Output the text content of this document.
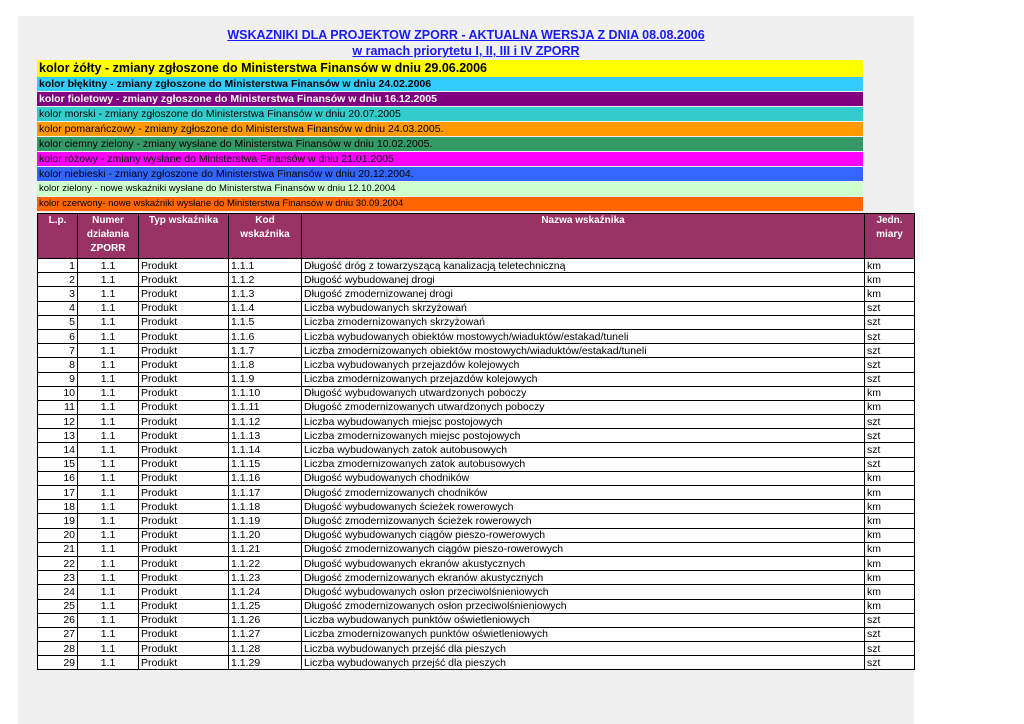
WSKAZNIKI DLA PROJEKTOW ZPORR - AKTUALNA WERSJA Z DNIA 08.08.2006
w ramach priorytetu I, II, III i IV ZPORR
kolor żółty - zmiany zgłoszone do Ministerstwa Finansów w dniu 29.06.2006
kolor błękitny - zmiany zgłoszone do Ministerstwa Finansów w dniu 24.02.2006
kolor fioletowy - zmiany zgłoszone do Ministerstwa Finansów w dniu 16.12.2005
kolor morski - zmiany zgłoszone do Ministerstwa Finansów w dniu 20.07.2005
kolor pomarańczowy - zmiany zgłoszone do Ministerstwa Finansów w dniu 24.03.2005.
kolor ciemny zielony - zmiany wysłane do Ministerstwa Finansów w dniu 10.02.2005.
kolor różowy - zmiany wysłane do Ministerstwa Finansów w dniu 21.01.2005
kolor niebieski - zmiany zgłoszone do Ministerstwa Finansów w dniu 20.12.2004.
kolor zielony - nowe wskaźniki wysłane do Ministerstwa Finansów w dniu 12.10.2004
kolor czerwony- nowe wskaźniki wysłane do Ministerstwa Finansów w dniu 30.09.2004
L.p.	Numer działania ZPORR	Typ wskaźnika	Kod wskaźnika	Nazwa wskaźnika	Jedn. miary
1	1.1	Produkt	1.1.1	Długość dróg z towarzyszącą kanalizacją teletechniczną	km
2	1.1	Produkt	1.1.2	Długość wybudowanej drogi	km
3	1.1	Produkt	1.1.3	Długość zmodernizowanej drogi	km
4	1.1	Produkt	1.1.4	Liczba wybudowanych skrzyżowań	szt
5	1.1	Produkt	1.1.5	Liczba zmodernizowanych skrzyżowań	szt
6	1.1	Produkt	1.1.6	Liczba wybudowanych obiektów mostowych/wiaduktów/estakad/tuneli	szt
7	1.1	Produkt	1.1.7	Liczba zmodernizowanych obiektów mostowych/wiaduktów/estakad/tuneli	szt
8	1.1	Produkt	1.1.8	Liczba wybudowanych przejazdów kolejowych	szt
9	1.1	Produkt	1.1.9	Liczba zmodernizowanych przejazdów kolejowych	szt
10	1.1	Produkt	1.1.10	Długość wybudowanych utwardzonych poboczy	km
11	1.1	Produkt	1.1.11	Długość zmodernizowanych utwardzonych poboczy	km
12	1.1	Produkt	1.1.12	Liczba wybudowanych miejsc postojowych	szt
13	1.1	Produkt	1.1.13	Liczba zmodernizowanych miejsc postojowych	szt
14	1.1	Produkt	1.1.14	Liczba wybudowanych zatok autobusowych	szt
15	1.1	Produkt	1.1.15	Liczba zmodernizowanych zatok autobusowych	szt
16	1.1	Produkt	1.1.16	Długość wybudowanych chodników	km
17	1.1	Produkt	1.1.17	Długość zmodernizowanych chodników	km
18	1.1	Produkt	1.1.18	Długość wybudowanych ścieżek rowerowych	km
19	1.1	Produkt	1.1.19	Długość zmodernizowanych ścieżek rowerowych	km
20	1.1	Produkt	1.1.20	Długość wybudowanych ciągów pieszo-rowerowych	km
21	1.1	Produkt	1.1.21	Długość zmodernizowanych ciągów pieszo-rowerowych	km
22	1.1	Produkt	1.1.22	Długość wybudowanych ekranów akustycznych	km
23	1.1	Produkt	1.1.23	Długość zmodernizowanych ekranów akustycznych	km
24	1.1	Produkt	1.1.24	Długość wybudowanych osłon przeciwolśnieniowych	km
25	1.1	Produkt	1.1.25	Długość zmodernizowanych osłon przeciwolśnieniowych	km
26	1.1	Produkt	1.1.26	Liczba wybudowanych punktów oświetleniowych	szt
27	1.1	Produkt	1.1.27	Liczba zmodernizowanych punktów oświetleniowych	szt
28	1.1	Produkt	1.1.28	Liczba wybudowanych przejść dla pieszych	szt
29	1.1	Produkt	1.1.29	Liczba wybudowanych przejść dla pieszych	szt
